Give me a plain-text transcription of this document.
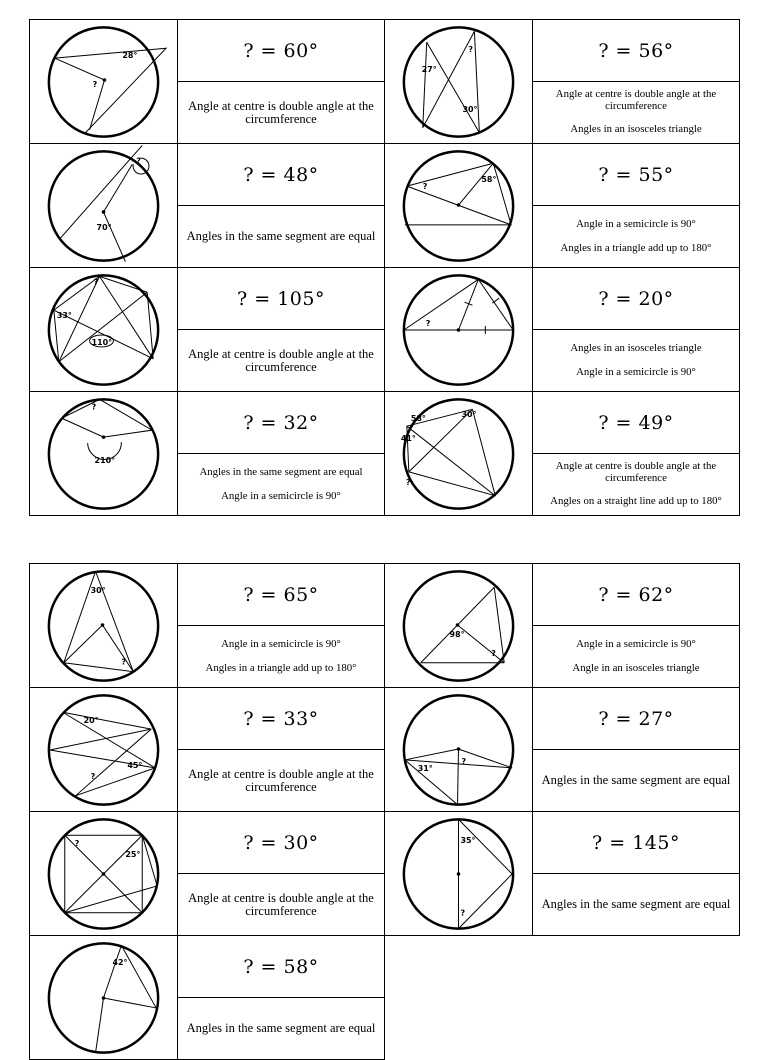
28°
?
? = 60°
Angle at centre is double angle at the circumference
27°
?
30°
? = 56°
Angle at centre is double angle at the circumference
Angles in an isosceles triangle
?
70°
? = 48°
Angles in the same segment are equal
?
58°	? = 55°
Angle in a semicircle is 90°
Angles in a triangle add up to 180°
?
33°
110°
? = 105°
Angle at centre is double angle at the circumference
?
? = 20°
Angles in an isosceles triangle
Angle in a semicircle is 90°
?
210°
? = 32°
Angles in the same segment are equal
Angle in a semicircle is 90°
58°	30°
41°
?
? = 49°
Angle at centre is double angle at the circumference
Angles on a straight line add up to 180°
30°
?
? = 65°
Angle in a semicircle is 90°
Angles in a triangle add up to 180°
98°
?
? = 62°
Angle in a semicircle is 90°
Angle in an isosceles triangle
20°
45°
?
? = 33°
Angle at centre is double angle at the circumference
31°
?
? = 27°
Angles in the same segment are equal
?
25°
? = 30°
Angle at centre is double angle at the circumference
35°
?
? = 145°
Angles in the same segment are equal
42°	? = 58°
Angles in the same segment are equal
